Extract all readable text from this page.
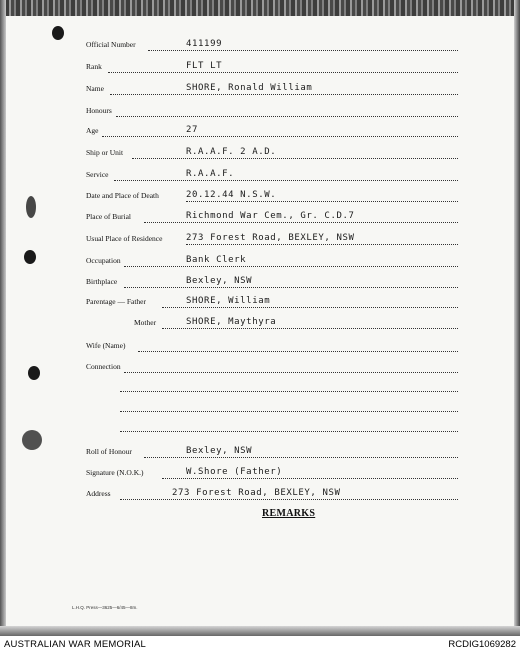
Official Number	411199
Rank	FLT LT
Name	SHORE, Ronald William
Honours
Age	27
Ship or Unit	R.A.A.F. 2 A.D.
Service	R.A.A.F.
Date and Place of Death	20.12.44 N.S.W.
Place of Burial	Richmond War Cem., Gr. C.D.7
Usual Place of Residence	273 Forest Road, BEXLEY, NSW
Occupation	Bank Clerk
Birthplace	Bexley, NSW
Parentage — Father	SHORE, William
Mother	SHORE, Maythyra
Wife (Name)
Connection
Roll of Honour	Bexley, NSW
Signature (N.O.K.)	W.Shore (Father)
Address	273 Forest Road, BEXLEY, NSW
REMARKS
L.H.Q. Press—3625—6/45—8m.
AUSTRALIAN WAR MEMORIAL	RCDIG1069282
